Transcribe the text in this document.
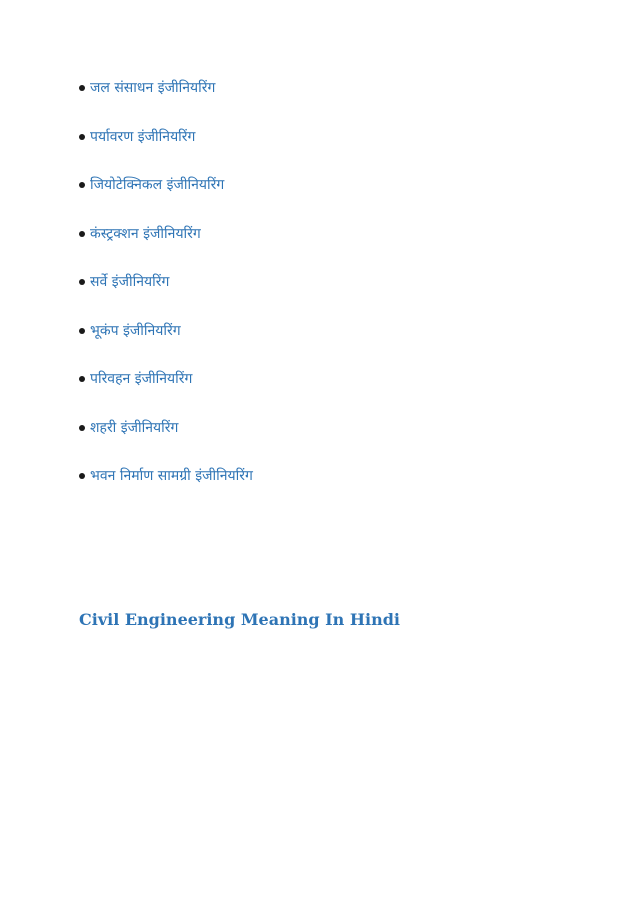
जल संसाधन इंजीनियरिंग
पर्यावरण इंजीनियरिंग
जियोटेक्निकल इंजीनियरिंग
कंस्ट्रक्शन इंजीनियरिंग
सर्वे इंजीनियरिंग
भूकंप इंजीनियरिंग
परिवहन इंजीनियरिंग
शहरी इंजीनियरिंग
भवन निर्माण सामग्री इंजीनियरिंग
Civil Engineering Meaning In Hindi
